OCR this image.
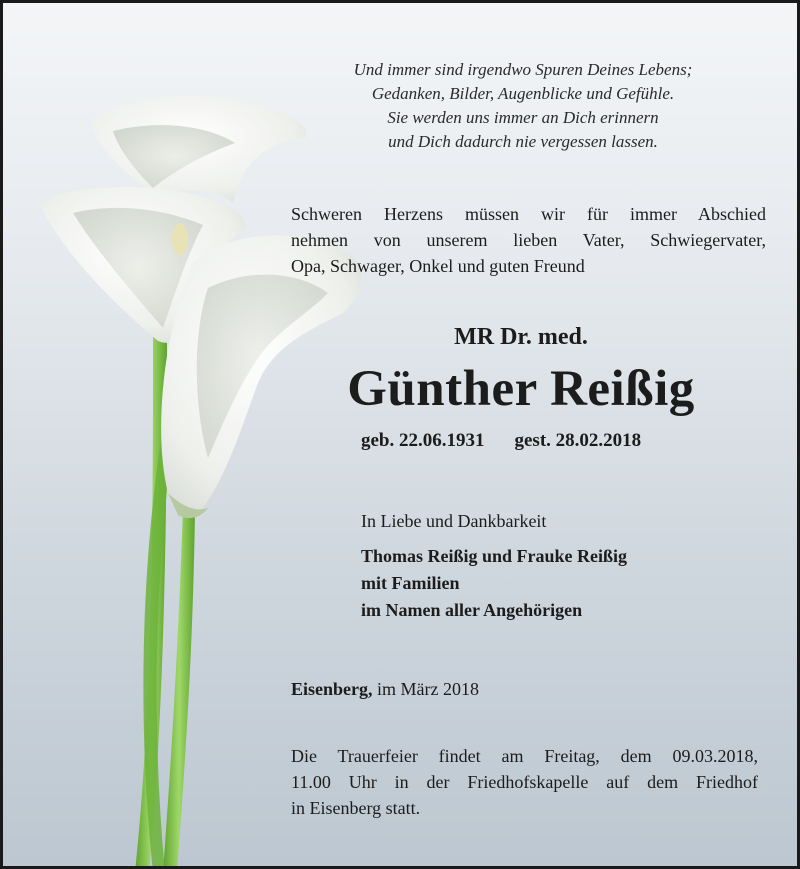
Und immer sind irgendwo Spuren Deines Lebens;
Gedanken, Bilder, Augenblicke und Gefühle.
Sie werden uns immer an Dich erinnern
und Dich dadurch nie vergessen lassen.
Schweren Herzens müssen wir für immer Abschied
nehmen von unserem lieben Vater, Schwiegervater,
Opa, Schwager, Onkel und guten Freund
MR Dr. med.
Günther Reißig
geb. 22.06.1931 gest. 28.02.2018
In Liebe und Dankbarkeit
Thomas Reißig und Frauke Reißig
mit Familien
im Namen aller Angehörigen
Eisenberg, im März 2018
Die Trauerfeier findet am Freitag, dem 09.03.2018,
11.00 Uhr in der Friedhofskapelle auf dem Friedhof
in Eisenberg statt.
